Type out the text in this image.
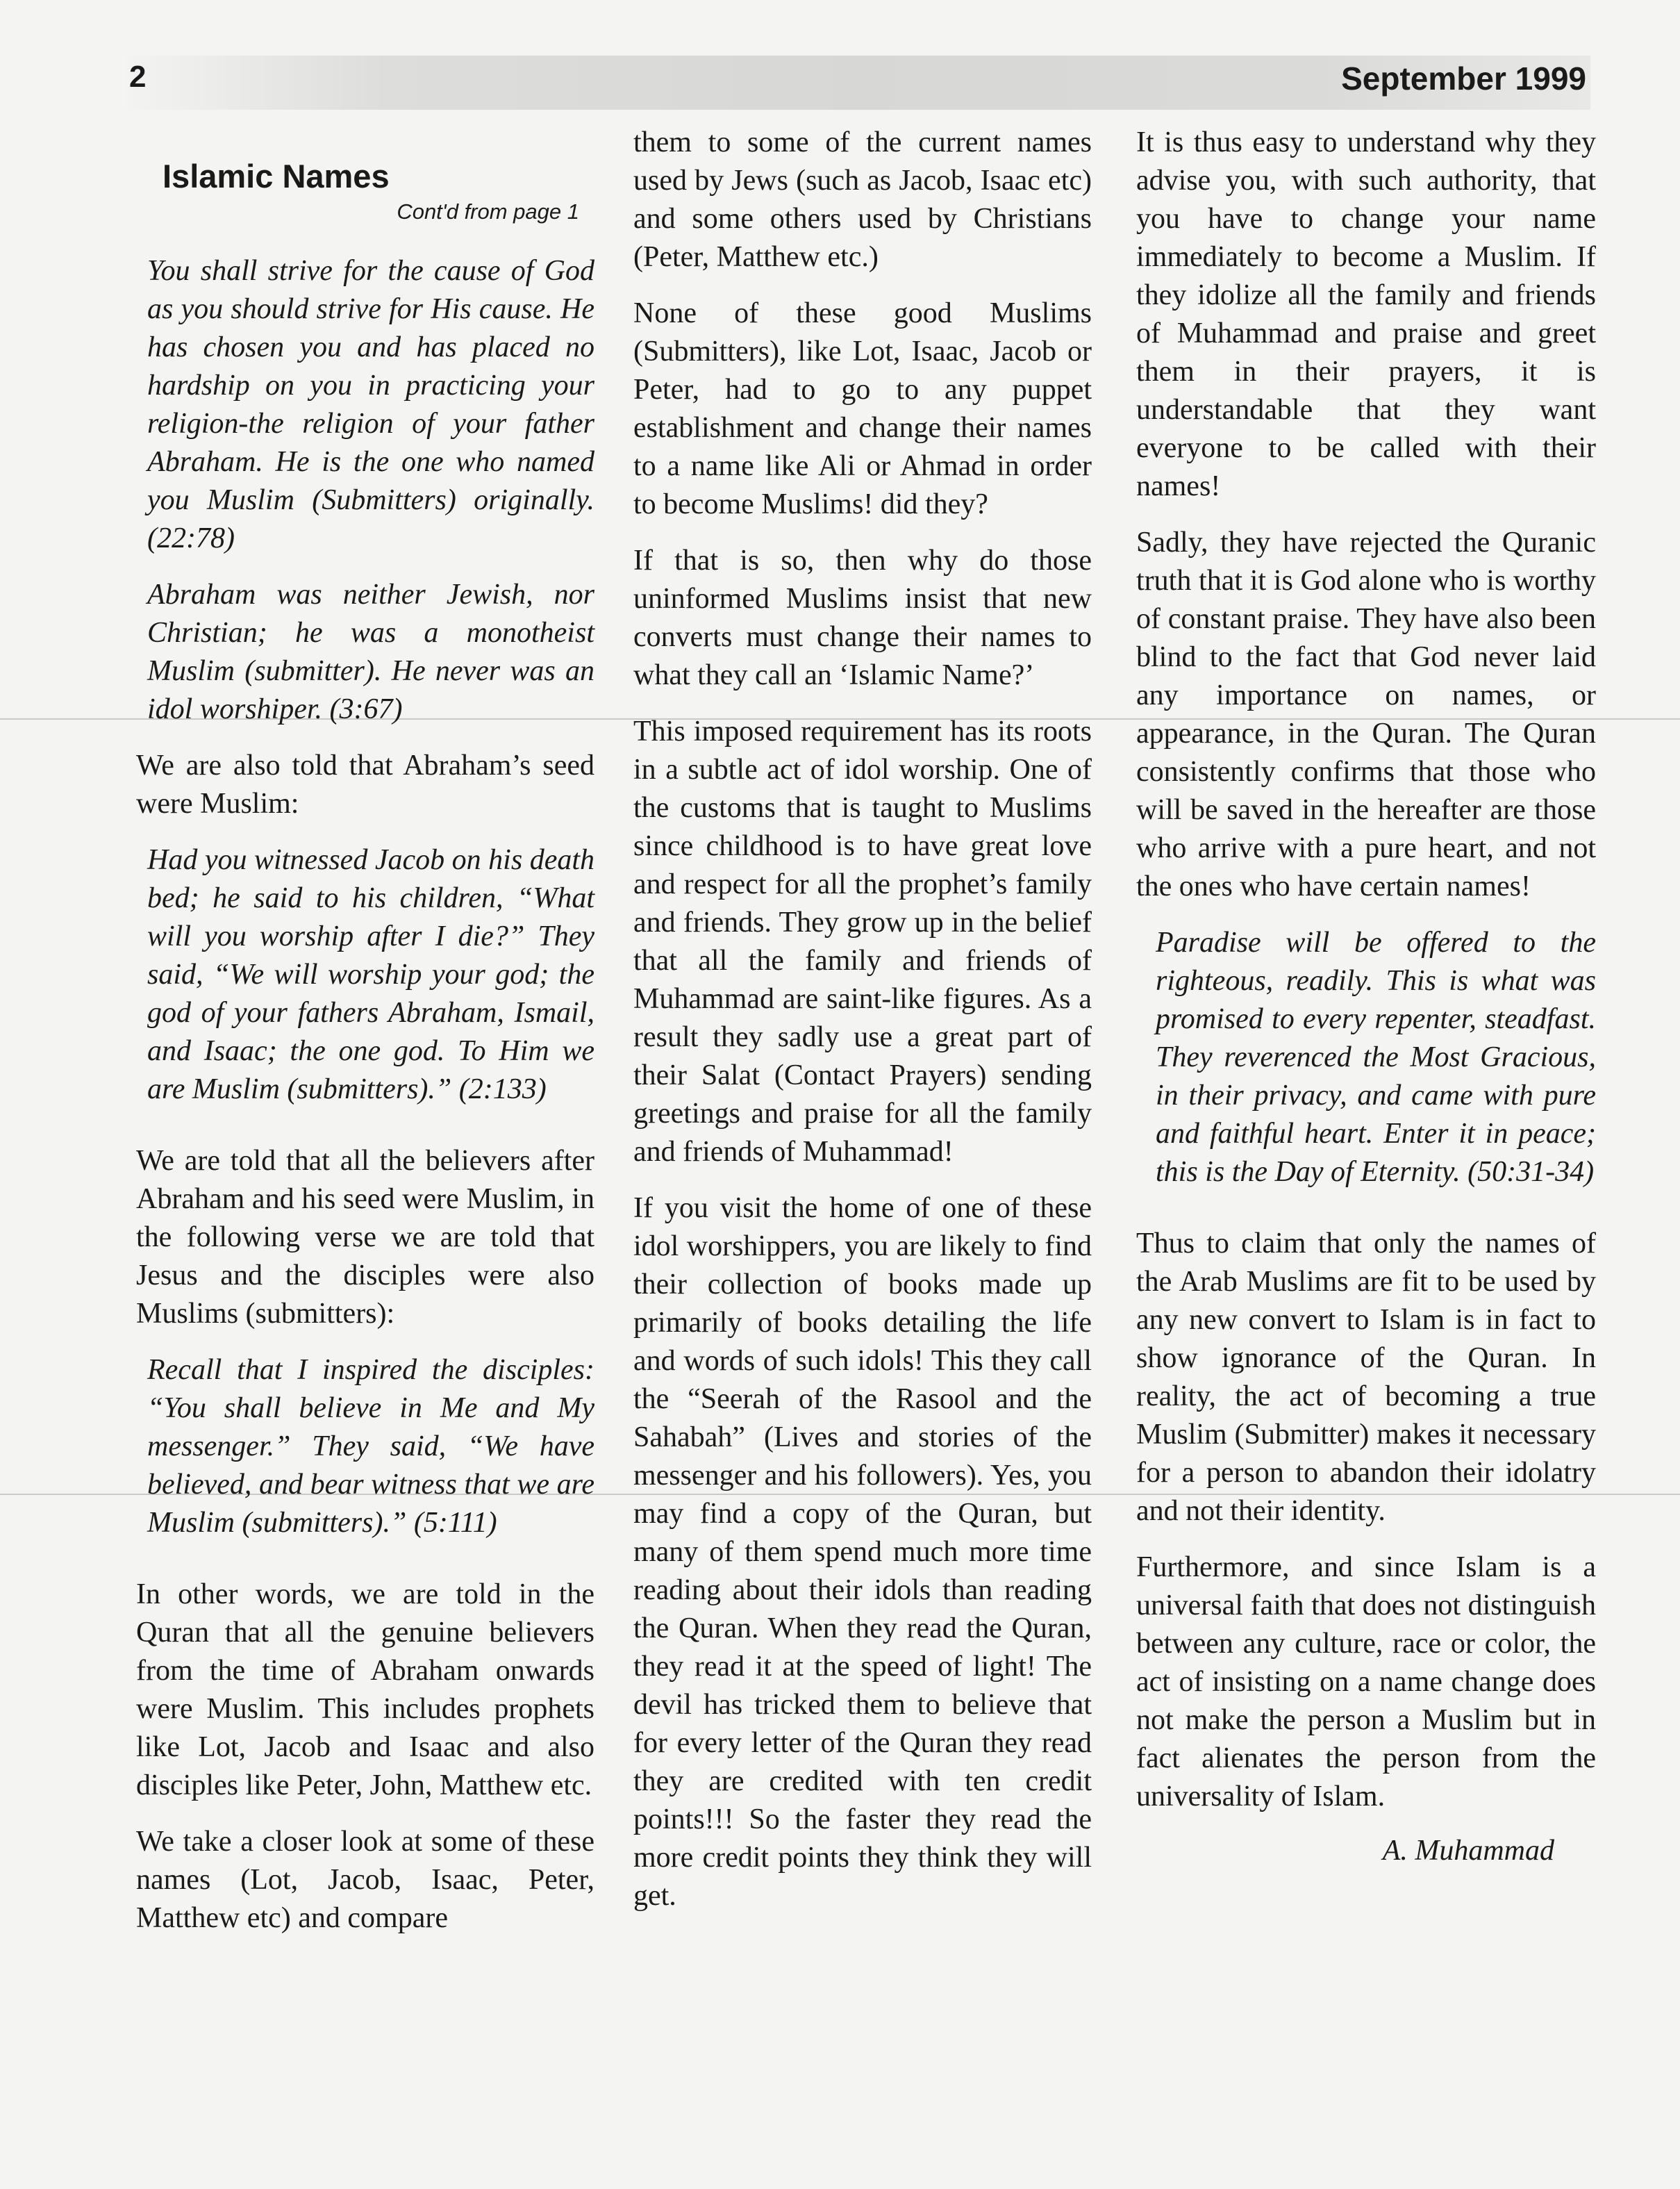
2	September 1999
Islamic Names
Cont'd from page 1

You shall strive for the cause of God as you should strive for His cause. He has chosen you and has placed no hardship on you in practicing your religion-the religion of your father Abraham. He is the one who named you Muslim (Submitters) originally. (22:78)

Abraham was neither Jewish, nor Christian; he was a monotheist Muslim (submitter). He never was an idol worshiper. (3:67)

We are also told that Abraham’s seed were Muslim:

Had you witnessed Jacob on his death bed; he said to his children, “What will you worship after I die?” They said, “We will worship your god; the god of your fathers Abraham, Ismail, and Isaac; the one god. To Him we are Muslim (submitters).” (2:133)

We are told that all the believers after Abraham and his seed were Muslim, in the following verse we are told that Jesus and the disciples were also Muslims (submitters):

Recall that I inspired the disciples: “You shall believe in Me and My messenger.” They said, “We have believed, and bear witness that we are Muslim (submitters).” (5:111)

In other words, we are told in the Quran that all the genuine believers from the time of Abraham onwards were Muslim. This includes prophets like Lot, Jacob and Isaac and also disciples like Peter, John, Matthew etc.

We take a closer look at some of these names (Lot, Jacob, Isaac, Peter, Matthew etc) and compare

them to some of the current names used by Jews (such as Jacob, Isaac etc) and some others used by Christians (Peter, Matthew etc.)

None of these good Muslims (Submitters), like Lot, Isaac, Jacob or Peter, had to go to any puppet establishment and change their names to a name like Ali or Ahmad in order to become Muslims! did they?

If that is so, then why do those uninformed Muslims insist that new converts must change their names to what they call an ‘Islamic Name?’

This imposed requirement has its roots in a subtle act of idol worship. One of the customs that is taught to Muslims since childhood is to have great love and respect for all the prophet’s family and friends. They grow up in the belief that all the family and friends of Muhammad are saint-like figures. As a result they sadly use a great part of their Salat (Contact Prayers) sending greetings and praise for all the family and friends of Muhammad!

If you visit the home of one of these idol worshippers, you are likely to find their collection of books made up primarily of books detailing the life and words of such idols! This they call the “Seerah of the Rasool and the Sahabah” (Lives and stories of the messenger and his followers). Yes, you may find a copy of the Quran, but many of them spend much more time reading about their idols than reading the Quran. When they read the Quran, they read it at the speed of light! The devil has tricked them to believe that for every letter of the Quran they read they are credited with ten credit points!!! So the faster they read the more credit points they think they will get.

It is thus easy to understand why they advise you, with such authority, that you have to change your name immediately to become a Muslim. If they idolize all the family and friends of Muhammad and praise and greet them in their prayers, it is understandable that they want everyone to be called with their names!

Sadly, they have rejected the Quranic truth that it is God alone who is worthy of constant praise. They have also been blind to the fact that God never laid any importance on names, or appearance, in the Quran. The Quran consistently confirms that those who will be saved in the hereafter are those who arrive with a pure heart, and not the ones who have certain names!

Paradise will be offered to the righteous, readily. This is what was promised to every repenter, steadfast. They reverenced the Most Gracious, in their privacy, and came with pure and faithful heart. Enter it in peace; this is the Day of Eternity. (50:31-34)

Thus to claim that only the names of the Arab Muslims are fit to be used by any new convert to Islam is in fact to show ignorance of the Quran. In reality, the act of becoming a true Muslim (Submitter) makes it necessary for a person to abandon their idolatry and not their identity.

Furthermore, and since Islam is a universal faith that does not distinguish between any culture, race or color, the act of insisting on a name change does not make the person a Muslim but in fact alienates the person from the universality of Islam.

A. Muhammad
